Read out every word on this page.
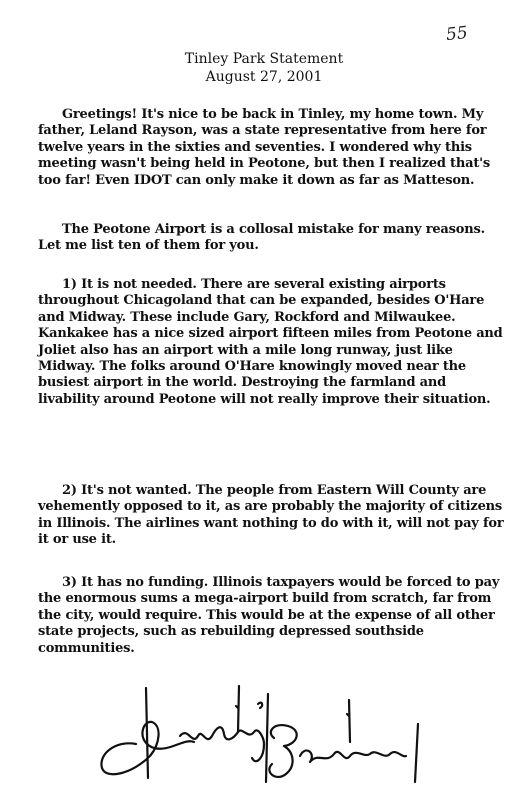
55
Tinley Park Statement
August 27, 2001

Greetings! It's nice to be back in Tinley, my home town. My father, Leland Rayson, was a state representative from here for twelve years in the sixties and seventies. I wondered why this meeting wasn't being held in Peotone, but then I realized that's too far! Even IDOT can only make it down as far as Matteson.

The Peotone Airport is a collosal mistake for many reasons. Let me list ten of them for you.

1) It is not needed. There are several existing airports throughout Chicagoland that can be expanded, besides O'Hare and Midway. These include Gary, Rockford and Milwaukee. Kankakee has a nice sized airport fifteen miles from Peotone and Joliet also has an airport with a mile long runway, just like Midway. The folks around O'Hare knowingly moved near the busiest airport in the world. Destroying the farmland and livability around Peotone will not really improve their situation.

2) It's not wanted. The people from Eastern Will County are vehemently opposed to it, as are probably the majority of citizens in Illinois. The airlines want nothing to do with it, will not pay for it or use it.

3) It has no funding. Illinois taxpayers would be forced to pay the enormous sums a mega-airport build from scratch, far from the city, would require. This would be at the expense of all other state projects, such as rebuilding depressed southside communities.
